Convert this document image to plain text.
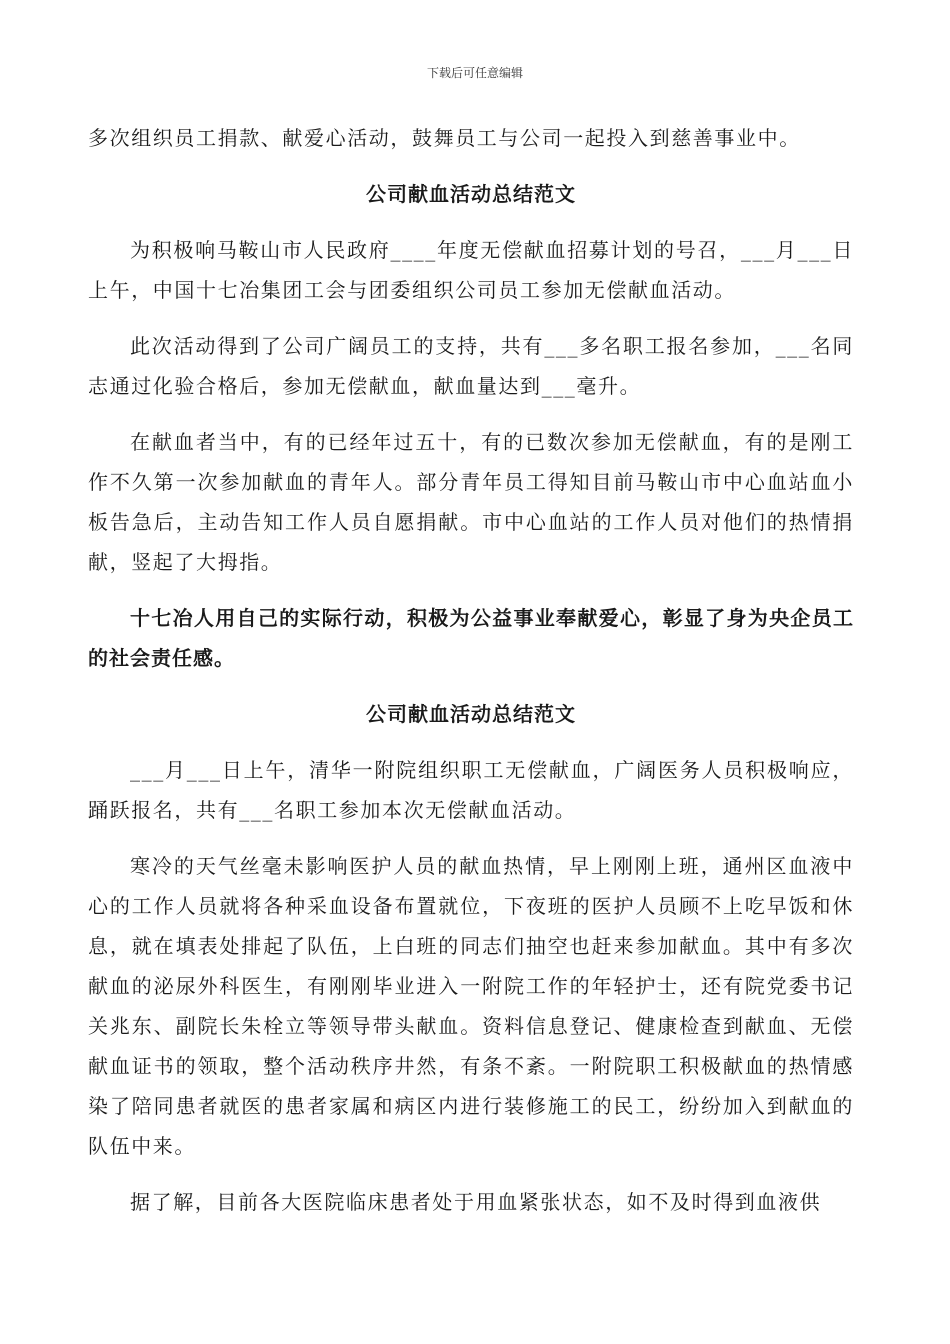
下载后可任意编辑

多次组织员工捐款、献爱心活动，鼓舞员工与公司一起投入到慈善事业中。

公司献血活动总结范文

为积极响马鞍山市人民政府____年度无偿献血招募计划的号召，___月___日上午，中国十七冶集团工会与团委组织公司员工参加无偿献血活动。

此次活动得到了公司广阔员工的支持，共有___多名职工报名参加，___名同志通过化验合格后，参加无偿献血，献血量达到___毫升。

在献血者当中，有的已经年过五十，有的已数次参加无偿献血，有的是刚工作不久第一次参加献血的青年人。部分青年员工得知目前马鞍山市中心血站血小板告急后，主动告知工作人员自愿捐献。市中心血站的工作人员对他们的热情捐献，竖起了大拇指。

十七冶人用自己的实际行动，积极为公益事业奉献爱心，彰显了身为央企员工的社会责任感。

公司献血活动总结范文

___月___日上午，清华一附院组织职工无偿献血，广阔医务人员积极响应，踊跃报名，共有___名职工参加本次无偿献血活动。

寒冷的天气丝毫未影响医护人员的献血热情，早上刚刚上班，通州区血液中心的工作人员就将各种采血设备布置就位，下夜班的医护人员顾不上吃早饭和休息，就在填表处排起了队伍，上白班的同志们抽空也赶来参加献血。其中有多次献血的泌尿外科医生，有刚刚毕业进入一附院工作的年轻护士，还有院党委书记关兆东、副院长朱栓立等领导带头献血。资料信息登记、健康检查到献血、无偿献血证书的领取，整个活动秩序井然，有条不紊。一附院职工积极献血的热情感染了陪同患者就医的患者家属和病区内进行装修施工的民工，纷纷加入到献血的队伍中来。

据了解，目前各大医院临床患者处于用血紧张状态，如不及时得到血液供
